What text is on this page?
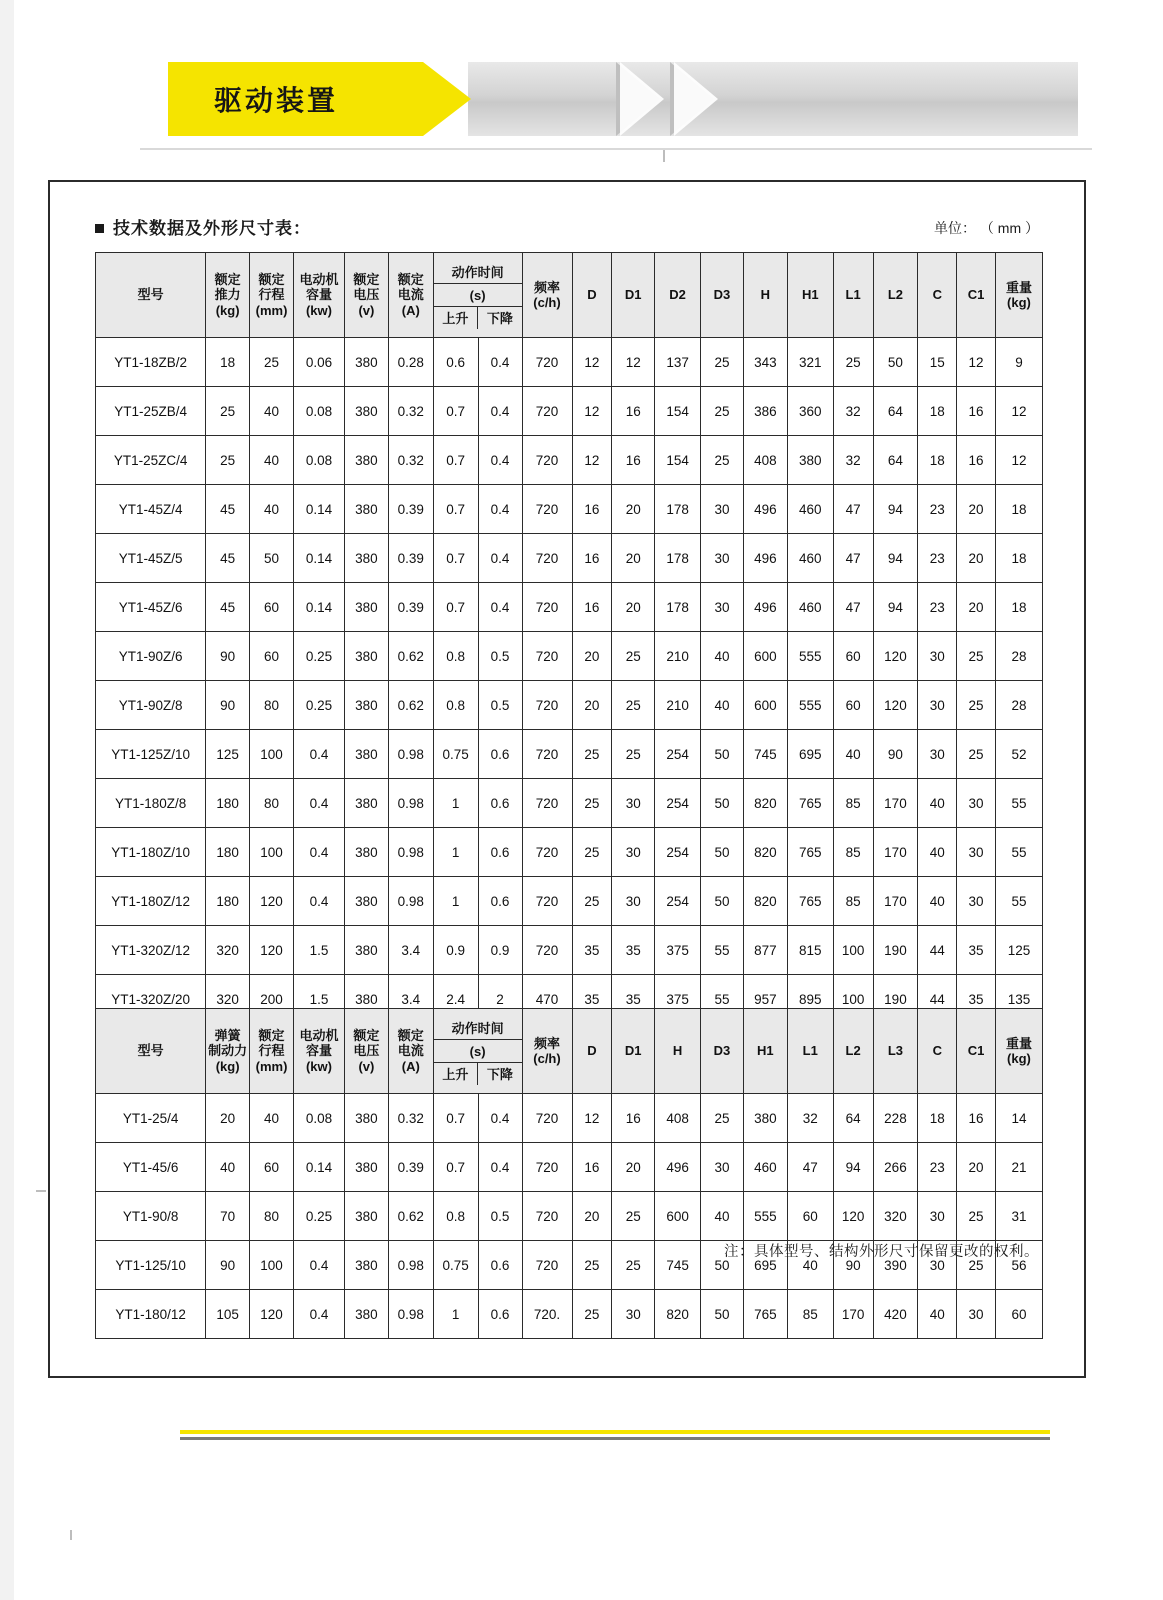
驱动装置
技术数据及外形尺寸表：	单位： （ mm ）
型号	额定
推力
(kg)	额定
行程
(mm)	电动机
容量
(kw)	额定
电压
(v)	额定
电流
(A)	动作时间
(s)
上升 下降		频率
(c/h)	D	D1	D2	D3	H	H1	L1	L2	C	C1	重量
(kg)
YT1-18ZB/2	18	25	0.06	380	0.28	0.6	0.4	720	12	12	137	25	343	321	25	50	15	12	9
YT1-25ZB/4	25	40	0.08	380	0.32	0.7	0.4	720	12	16	154	25	386	360	32	64	18	16	12
YT1-25ZC/4	25	40	0.08	380	0.32	0.7	0.4	720	12	16	154	25	408	380	32	64	18	16	12
YT1-45Z/4	45	40	0.14	380	0.39	0.7	0.4	720	16	20	178	30	496	460	47	94	23	20	18
YT1-45Z/5	45	50	0.14	380	0.39	0.7	0.4	720	16	20	178	30	496	460	47	94	23	20	18
YT1-45Z/6	45	60	0.14	380	0.39	0.7	0.4	720	16	20	178	30	496	460	47	94	23	20	18
YT1-90Z/6	90	60	0.25	380	0.62	0.8	0.5	720	20	25	210	40	600	555	60	120	30	25	28
YT1-90Z/8	90	80	0.25	380	0.62	0.8	0.5	720	20	25	210	40	600	555	60	120	30	25	28
YT1-125Z/10	125	100	0.4	380	0.98	0.75	0.6	720	25	25	254	50	745	695	40	90	30	25	52
YT1-180Z/8	180	80	0.4	380	0.98	1	0.6	720	25	30	254	50	820	765	85	170	40	30	55
YT1-180Z/10	180	100	0.4	380	0.98	1	0.6	720	25	30	254	50	820	765	85	170	40	30	55
YT1-180Z/12	180	120	0.4	380	0.98	1	0.6	720	25	30	254	50	820	765	85	170	40	30	55
YT1-320Z/12	320	120	1.5	380	3.4	0.9	0.9	720	35	35	375	55	877	815	100	190	44	35	125
YT1-320Z/20	320	200	1.5	380	3.4	2.4	2	470	35	35	375	55	957	895	100	190	44	35	135
型号	弹簧
制动力
(kg)	额定
行程
(mm)	电动机
容量
(kw)	额定
电压
(v)	额定
电流
(A)	动作时间
(s)
上升 下降		频率
(c/h)	D	D1	H	D3	H1	L1	L2	L3	C	C1	重量
(kg)
YT1-25/4	20	40	0.08	380	0.32	0.7	0.4	720	12	16	408	25	380	32	64	228	18	16	14
YT1-45/6	40	60	0.14	380	0.39	0.7	0.4	720	16	20	496	30	460	47	94	266	23	20	21
YT1-90/8	70	80	0.25	380	0.62	0.8	0.5	720	20	25	600	40	555	60	120	320	30	25	31
YT1-125/10	90	100	0.4	380	0.98	0.75	0.6	720	25	25	745	50	695	40	90	390	30	25	56
YT1-180/12	105	120	0.4	380	0.98	1	0.6	720.	25	30	820	50	765	85	170	420	40	30	60
注：具体型号、结构外形尺寸保留更改的权利。
